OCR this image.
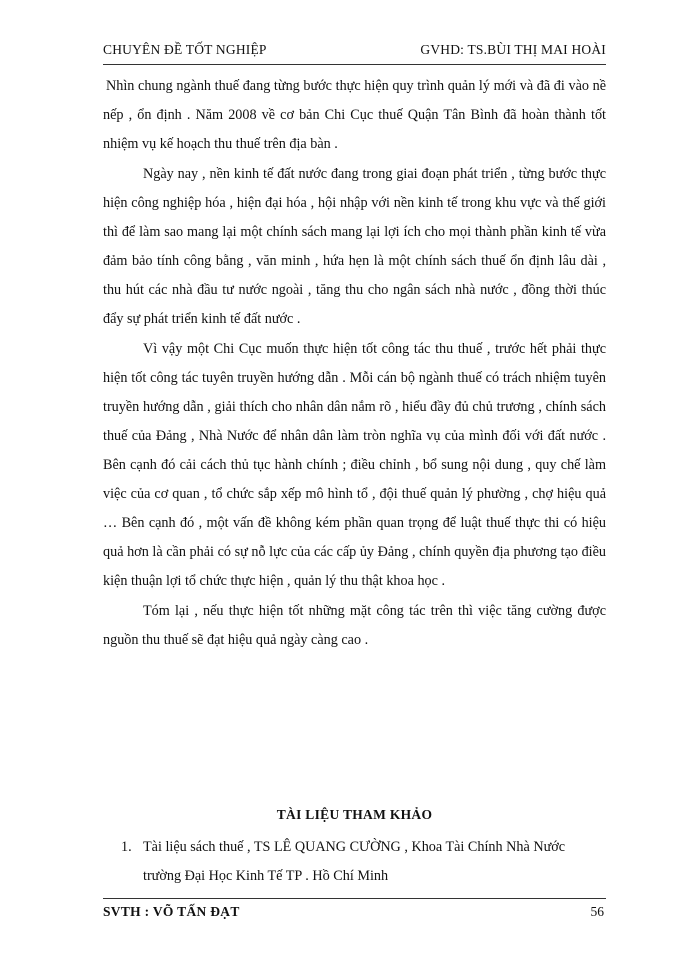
CHUYÊN ĐỀ TỐT NGHIỆP	GVHD: TS.BÙI THỊ MAI HOÀI

Nhìn chung ngành thuế đang từng bước thực hiện quy trình quản lý mới và đã đi vào nề nếp , ổn định . Năm 2008 về cơ bản Chi Cục thuế Quận Tân Bình đã hoàn thành tốt nhiệm vụ kế hoạch thu thuế trên địa bàn .

Ngày nay , nền kinh tế đất nước đang trong giai đoạn phát triển , từng bước thực hiện công nghiệp hóa , hiện đại hóa , hội nhập với nền kinh tế trong khu vực và thế giới thì để làm sao mang lại một chính sách mang lại lợi ích cho mọi thành phần kinh tế vừa đảm bảo tính công bằng , văn minh , hứa hẹn là một chính sách thuế ổn định lâu dài , thu hút các nhà đầu tư nước ngoài , tăng thu cho ngân sách nhà nước , đồng thời thúc đẩy sự phát triển kinh tế đất nước .

Vì vậy một Chi Cục muốn thực hiện tốt công tác thu thuế , trước hết phải thực hiện tốt công tác tuyên truyền hướng dẫn . Mỗi cán bộ ngành thuế có trách nhiệm tuyên truyền hướng dẫn , giải thích cho nhân dân nắm rõ , hiểu đầy đủ chủ trương , chính sách thuế của Đảng , Nhà Nước để nhân dân làm tròn nghĩa vụ của mình đối với đất nước . Bên cạnh đó cải cách thủ tục hành chính ; điều chỉnh , bổ sung nội dung , quy chế làm việc của cơ quan , tổ chức sắp xếp mô hình tổ , đội thuế quản lý phường , chợ hiệu quả … Bên cạnh đó , một vấn đề không kém phần quan trọng để luật thuế thực thi có hiệu quả hơn là cần phải có sự nỗ lực của các cấp ủy Đảng , chính quyền địa phương tạo điều kiện thuận lợi tổ chức thực hiện , quản lý thu thật khoa học .

Tóm lại , nếu thực hiện tốt những mặt công tác trên thì việc tăng cường được nguồn thu thuế sẽ đạt hiệu quả ngày càng cao .

TÀI LIỆU THAM KHẢO
1. Tài liệu sách thuế , TS LÊ QUANG CƯỜNG , Khoa Tài Chính Nhà Nước trường Đại Học Kinh Tế TP . Hồ Chí Minh
SVTH : VÕ TẤN ĐẠT	56
